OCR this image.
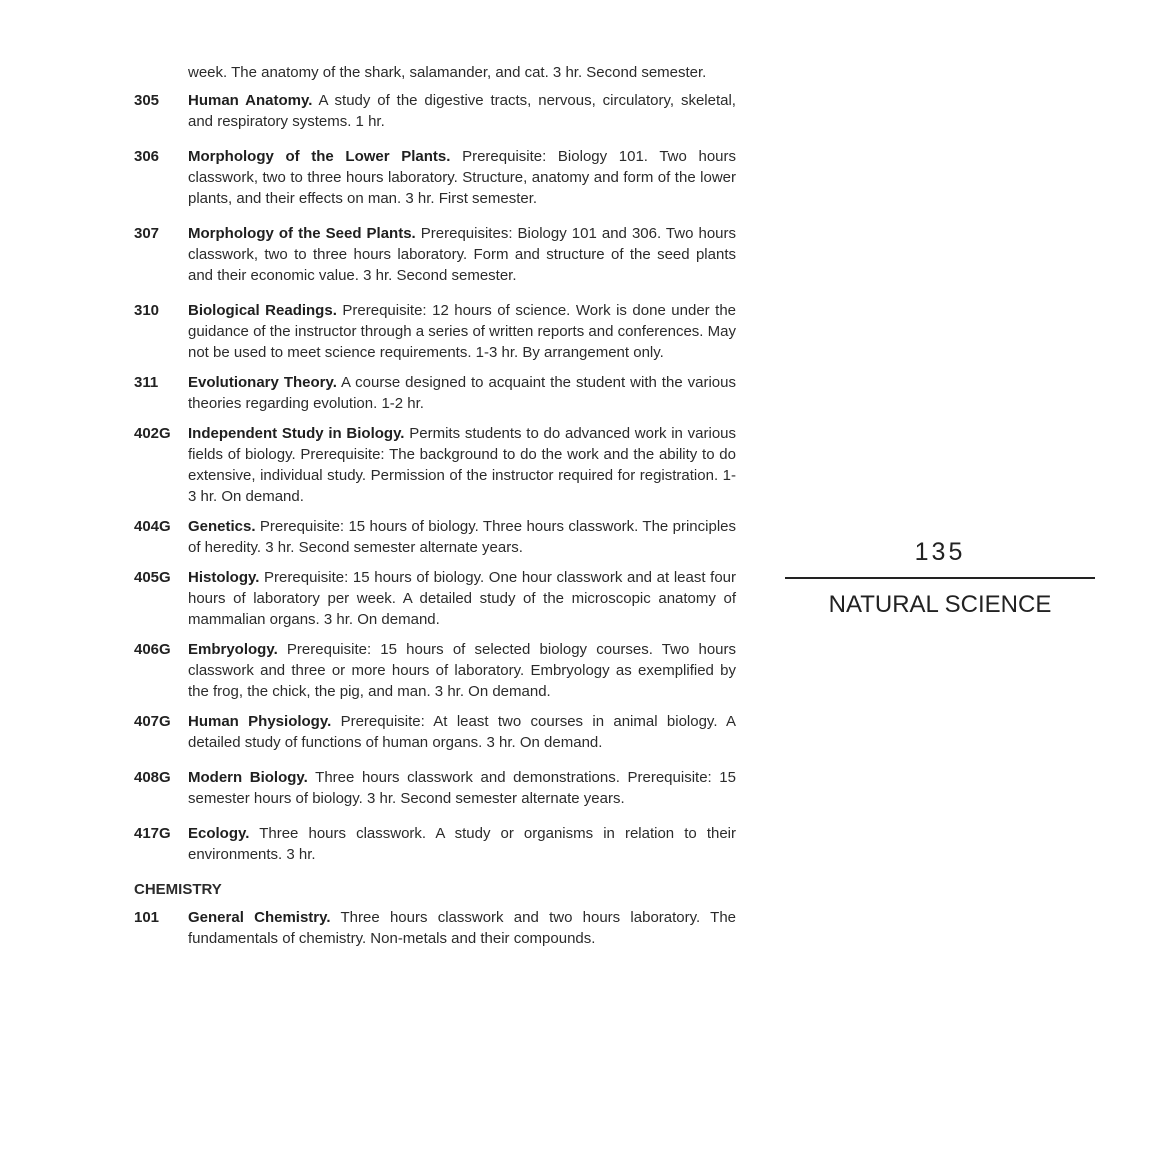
week. The anatomy of the shark, salamander, and cat. 3 hr. Second semester.
305	Human Anatomy. A study of the digestive tracts, nervous, circulatory, skeletal, and respiratory systems. 1 hr.
306	Morphology of the Lower Plants. Prerequisite: Biology 101. Two hours classwork, two to three hours laboratory. Structure, anatomy and form of the lower plants, and their effects on man. 3 hr. First semester.
307	Morphology of the Seed Plants. Prerequisites: Biology 101 and 306. Two hours classwork, two to three hours laboratory. Form and structure of the seed plants and their economic value. 3 hr. Second semester.
310	Biological Readings. Prerequisite: 12 hours of science. Work is done under the guidance of the instructor through a series of written reports and conferences. May not be used to meet science requirements. 1-3 hr. By arrangement only.
311	Evolutionary Theory. A course designed to acquaint the student with the various theories regarding evolution. 1-2 hr.
402G	Independent Study in Biology. Permits students to do advanced work in various fields of biology. Prerequisite: The background to do the work and the ability to do extensive, individual study. Permission of the instructor required for registration. 1-3 hr. On demand.
404G	Genetics. Prerequisite: 15 hours of biology. Three hours classwork. The principles of heredity. 3 hr. Second semester alternate years.
405G	Histology. Prerequisite: 15 hours of biology. One hour classwork and at least four hours of laboratory per week. A detailed study of the microscopic anatomy of mammalian organs. 3 hr. On demand.
406G	Embryology. Prerequisite: 15 hours of selected biology courses. Two hours classwork and three or more hours of laboratory. Embryology as exemplified by the frog, the chick, the pig, and man. 3 hr. On demand.
407G	Human Physiology. Prerequisite: At least two courses in animal biology. A detailed study of functions of human organs. 3 hr. On demand.
408G	Modern Biology. Three hours classwork and demonstrations. Prerequisite: 15 semester hours of biology. 3 hr. Second semester alternate years.
417G	Ecology. Three hours classwork. A study or organisms in relation to their environments. 3 hr.
CHEMISTRY
101	General Chemistry. Three hours classwork and two hours laboratory. The fundamentals of chemistry. Non-metals and their compounds.
135
NATURAL SCIENCE
